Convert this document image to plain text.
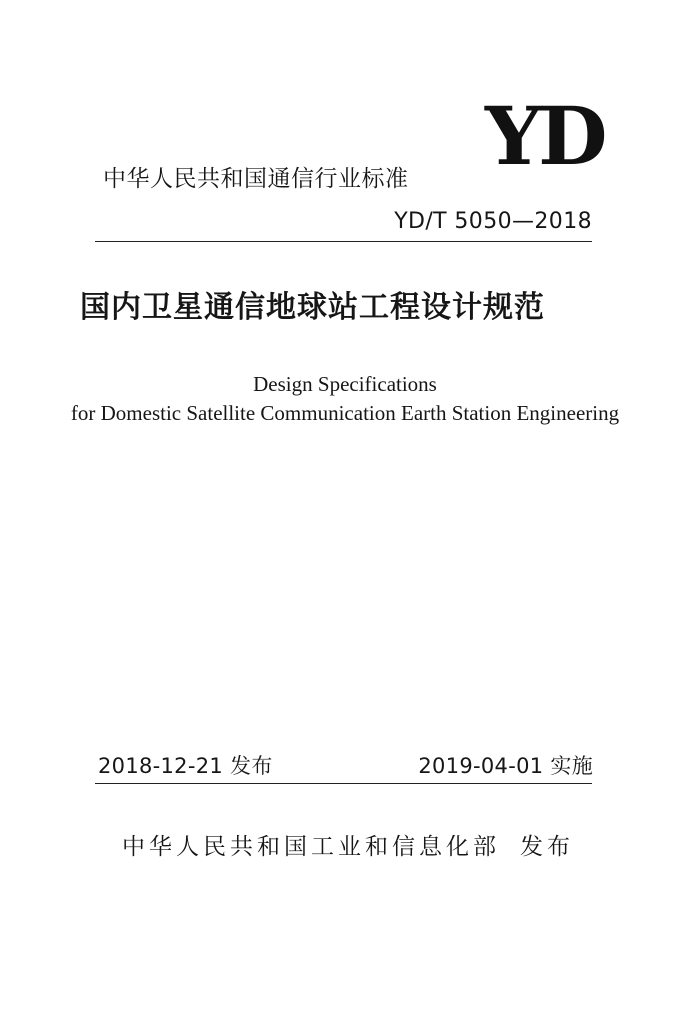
中华人民共和国通信行业标准 YD
YD/T 5050—2018
国内卫星通信地球站工程设计规范
Design Specifications
for Domestic Satellite Communication Earth Station Engineering
2018-12-21 发布	2019-04-01 实施
中华人民共和国工业和信息化部 发布
